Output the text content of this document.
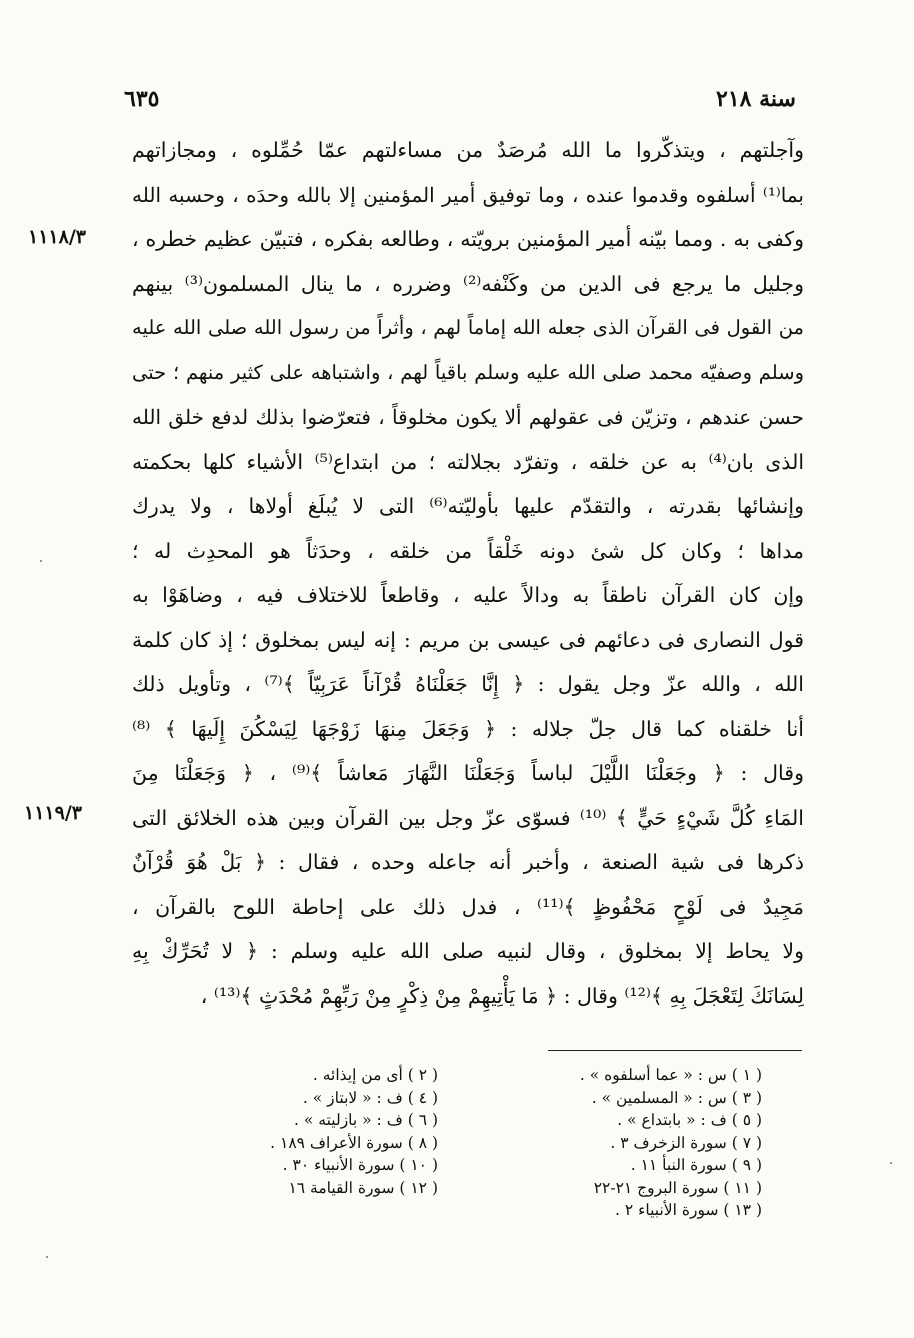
سنة ٢١٨
٦٣٥
١١١٨/٣
١١١٩/٣
وآجلتهم ، ويتذكّروا ما الله مُرصَدٌ من مساءلتهم عمّا حُمِّلوه ، ومجازاتهم
بما⁽¹⁾ أسلفوه وقدموا عنده ، وما توفيق أمير المؤمنين إلا بالله وحدَه ، وحسبه الله
وكفى به . ومما بيّنه أمير المؤمنين برويّته ، وطالعه بفكره ، فتبيّن عظيم خطره ،
وجليل ما يرجع فى الدين من وكَنْفه⁽²⁾ وضرره ، ما ينال المسلمون⁽³⁾ بينهم
من القول فى القرآن الذى جعله الله إماماً لهم ، وأثراً من رسول الله صلى الله عليه
وسلم وصفيّه محمد صلى الله عليه وسلم باقياً لهم ، واشتباهه على كثير منهم ؛ حتى
حسن عندهم ، وتزيّن فى عقولهم ألا يكون مخلوقاً ، فتعرّضوا بذلك لدفع خلق الله
الذى بان⁽⁴⁾ به عن خلقه ، وتفرّد بجلالته ؛ من ابتداع⁽⁵⁾ الأشياء كلها بحكمته
وإنشائها بقدرته ، والتقدّم عليها بأوليّته⁽⁶⁾ التى لا يُبلَغ أولاها ، ولا يدرك
مداها ؛ وكان كل شئ دونه خَلْقاً من خلقه ، وحدَثاً هو المحدِث له ؛
وإن كان القرآن ناطقاً به ودالاً عليه ، وقاطعاً للاختلاف فيه ، وضاهَوْا به
قول النصارى فى دعائهم فى عيسى بن مريم : إنه ليس بمخلوق ؛ إذ كان كلمة
الله ، والله عزّ وجل يقول : ﴿ إِنَّا جَعَلْنَاهُ قُرْآناً عَرَبِيّاً ﴾⁽⁷⁾ ، وتأويل ذلك
أنا خلقناه كما قال جلّ جلاله : ﴿ وَجَعَلَ مِنهَا زَوْجَهَا لِيَسْكُنَ إِلَيهَا ﴾ ⁽⁸⁾
وقال : ﴿ وجَعَلْنَا اللَّيْلَ لباساً وَجَعَلْنَا النَّهَارَ مَعاشاً ﴾⁽⁹⁾ ، ﴿ وَجَعَلْنَا مِنَ
المَاءِ كُلَّ شَيْءٍ حَيٍّ ﴾ ⁽¹⁰⁾ فسوّى عزّ وجل بين القرآن وبين هذه الخلائق التى
ذكرها فى شية الصنعة ، وأخبر أنه جاعله وحده ، فقال : ﴿ بَلْ هُوَ قُرْآنٌ
مَجِيدٌ فى لَوْحٍ مَحْفُوظٍ ﴾⁽¹¹⁾ ، فدل ذلك على إحاطة اللوح بالقرآن ،
ولا يحاط إلا بمخلوق ، وقال لنبيه صلى الله عليه وسلم : ﴿ لا تُحَرِّكْ بِهِ
لِسَانَكَ لِتَعْجَلَ بِهِ ﴾⁽¹²⁾ وقال : ﴿ مَا يَأْتِيهِمْ مِنْ ذِكْرٍ مِنْ رَبِّهِمْ مُحْدَثٍ ﴾⁽¹³⁾ ،
( ١ ) س : « عما أسلفوه » .
( ٣ ) س : « المسلمين » .
( ٥ ) ف : « بابتداع » .
( ٧ ) سورة الزخرف ٣ .
( ٩ ) سورة النبأ ١١ .
( ١١ ) سورة البروج ٢١-٢٢
( ١٣ ) سورة الأنبياء ٢ .
( ٢ ) أى من إيذائه .
( ٤ ) ف : « لابتاز » .
( ٦ ) ف : « بازليته » .
( ٨ ) سورة الأعراف ١٨٩ .
( ١٠ ) سورة الأنبياء ٣٠ .
( ١٢ ) سورة القيامة ١٦
